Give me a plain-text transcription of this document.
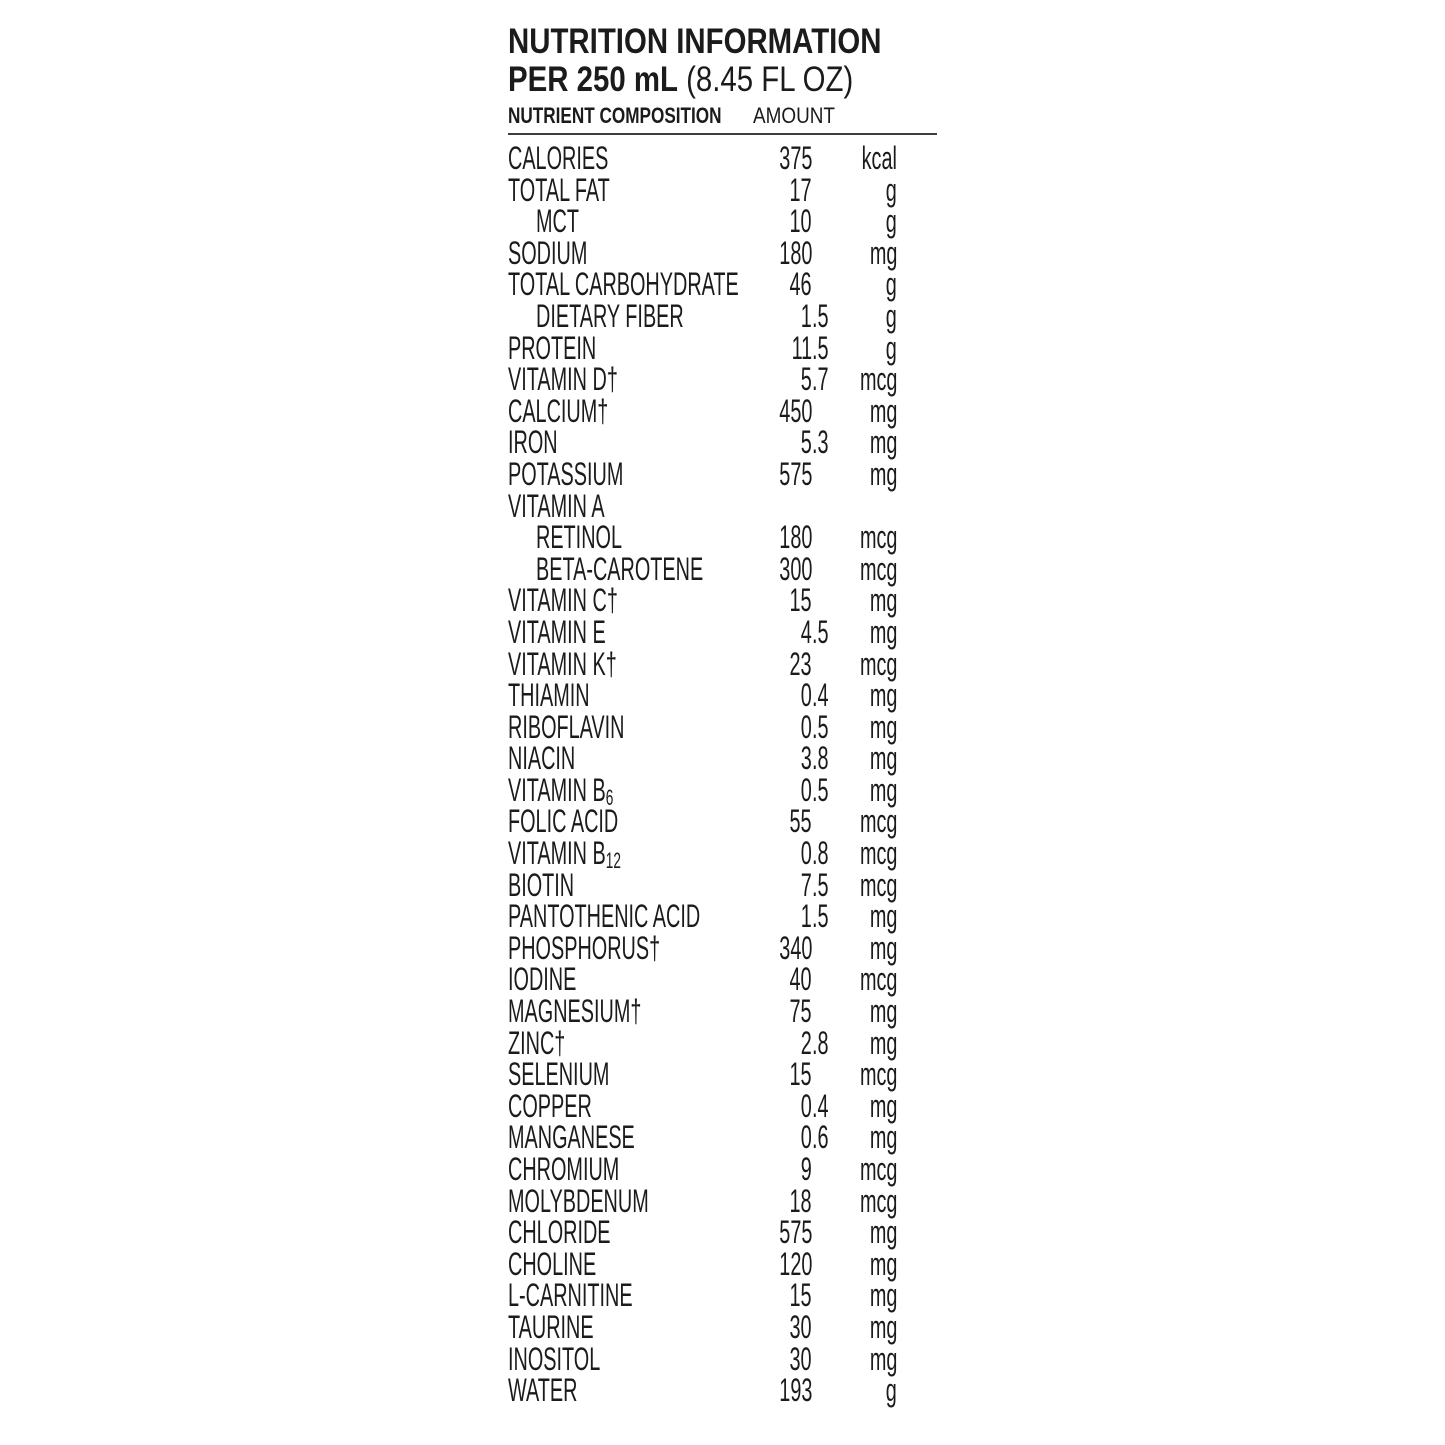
NUTRITION INFORMATION
PER 250 mL (8.45 FL OZ)
NUTRIENT COMPOSITION AMOUNT
CALORIES	375	kcal
TOTAL FAT	17	g
MCT	10	g
SODIUM	180	mg
TOTAL CARBOHYDRATE	46	g
DIETARY FIBER	1 .5	g
PROTEIN	11 .5	g
VITAMIN D†	5 .7 mcg
CALCIUM†	450	mg
IRON	5 .3	mg
POTASSIUM	575	mg
VITAMIN A
RETINOL	180	mcg
BETA-CAROTENE	300	mcg
VITAMIN C†	15	mg
VITAMIN E	4 .5	mg
VITAMIN K†	23	mcg
THIAMIN	0 .4	mg
RIBOFLAVIN	0 .5	mg
NIACIN	3 .8	mg
VITAMIN B6	0 .5	mg
FOLIC ACID	55	mcg
VITAMIN B12	0 .8 mcg
BIOTIN	7 .5 mcg
PANTOTHENIC ACID	1 .5	mg
PHOSPHORUS†	340	mg
IODINE	40	mcg
MAGNESIUM†	75	mg
ZINC†	2 .8	mg
SELENIUM	15	mcg
COPPER	0 .4	mg
MANGANESE	0 .6	mg
CHROMIUM	9	mcg
MOLYBDENUM	18	mcg
CHLORIDE	575	mg
CHOLINE	120	mg
L-CARNITINE	15	mg
TAURINE	30	mg
INOSITOL	30	mg
WATER	193	g
